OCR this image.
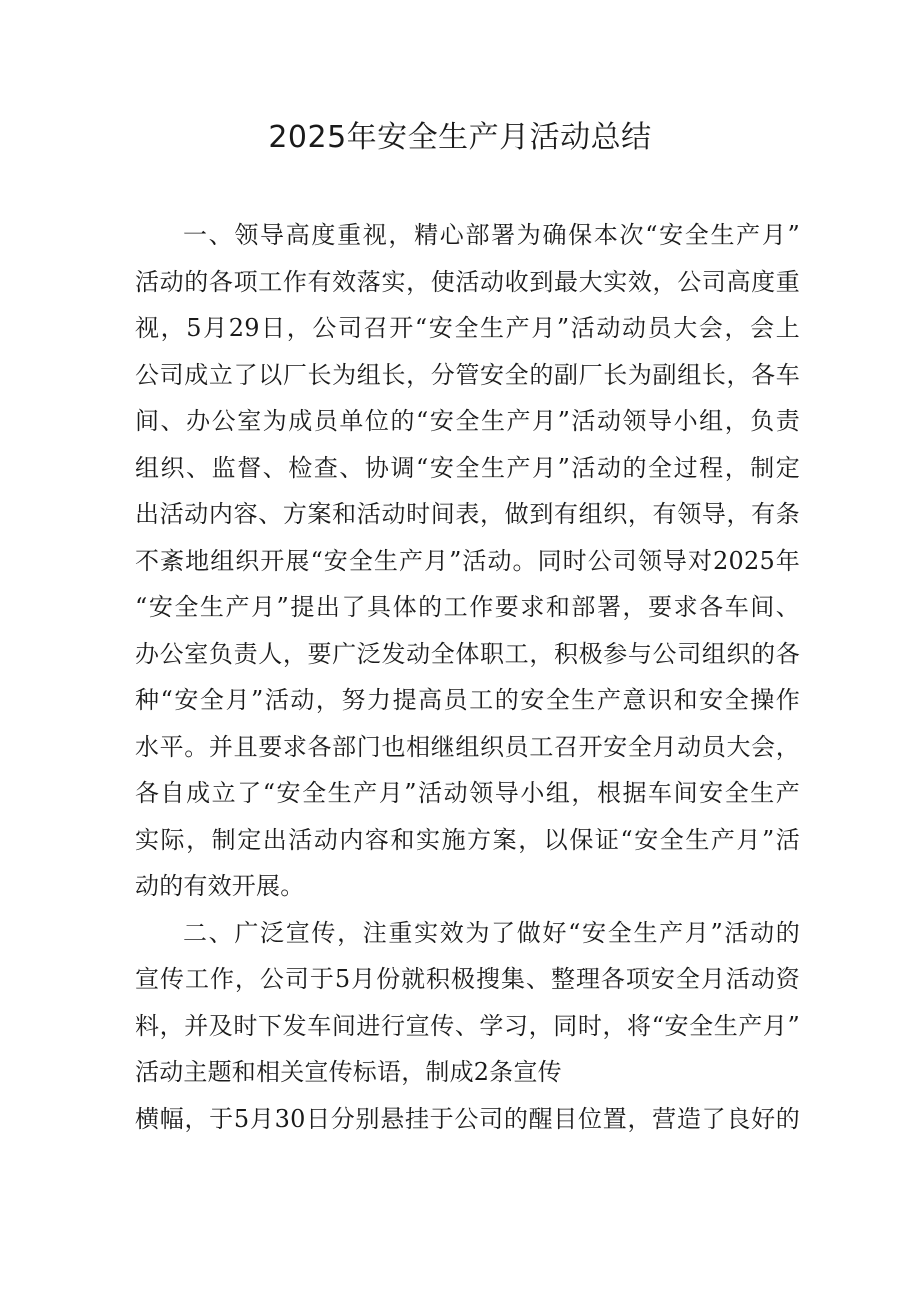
2025年安全生产月活动总结
一、领导高度重视，精心部署为确保本次“安全生产月”
活动的各项工作有效落实，使活动收到最大实效，公司高度重
视，5月29日，公司召开“安全生产月”活动动员大会，会上
公司成立了以厂长为组长，分管安全的副厂长为副组长，各车
间、办公室为成员单位的“安全生产月”活动领导小组，负责
组织、监督、检查、协调“安全生产月”活动的全过程，制定
出活动内容、方案和活动时间表，做到有组织，有领导，有条
不紊地组织开展“安全生产月”活动。同时公司领导对2025年
“安全生产月”提出了具体的工作要求和部署，要求各车间、
办公室负责人，要广泛发动全体职工，积极参与公司组织的各
种“安全月”活动，努力提高员工的安全生产意识和安全操作
水平。并且要求各部门也相继组织员工召开安全月动员大会，
各自成立了“安全生产月”活动领导小组，根据车间安全生产
实际，制定出活动内容和实施方案，以保证“安全生产月”活
动的有效开展。
二、广泛宣传，注重实效为了做好“安全生产月”活动的
宣传工作，公司于5月份就积极搜集、整理各项安全月活动资
料，并及时下发车间进行宣传、学习，同时，将“安全生产月”
活动主题和相关宣传标语，制成2条宣传
横幅，于5月30日分别悬挂于公司的醒目位置，营造了良好的
